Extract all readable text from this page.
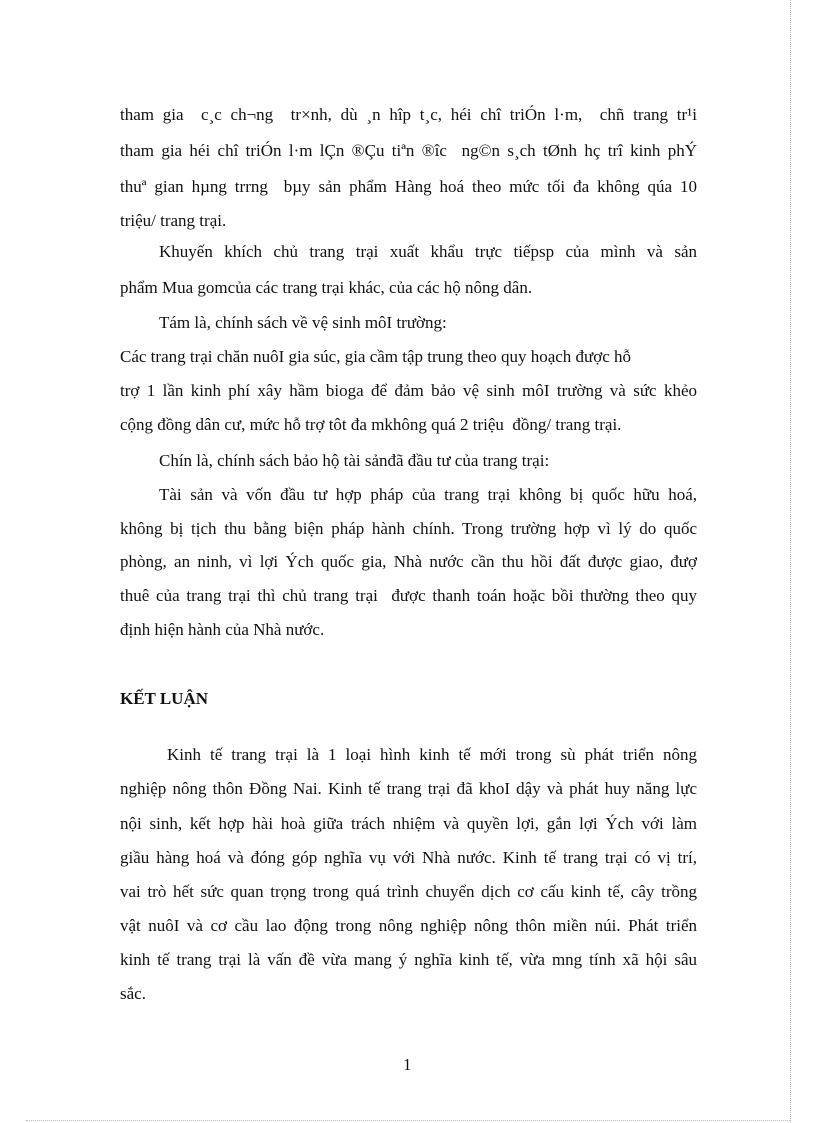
tham gia  c¸c ch¬ng  tr×nh, dù ¸n hîp t¸c, héi chî triÓn l·m,  chñ trang tr¹i
tham gia héi chî triÓn l·m lÇn ®Çu tiªn ®îc  ng©n s¸ch tØnh hç trî kinh phÝ
thuª gian hµng trrng  bµy sản phẩm Hàng hoá theo mức tối đa không qúa 10
triệu/ trang trại.
Khuyến khích chủ trang trại xuất khẩu trực tiếpsp của mình và sản
phẩm Mua gomcủa các trang trại khác, của các hộ nông dân.
Tám là, chính sách về vệ sinh môI trường:
Các trang trại chăn nuôI gia súc, gia cầm tập trung theo quy hoạch được hỗ
trợ 1 lần kinh phí xây hầm bioga để đảm bảo vệ sinh môI trường và sức khẻo
cộng đồng dân cư, mức hỗ trợ tôt đa mkhông quá 2 triệu  đồng/ trang trại.
Chín là, chính sách bảo hộ tài sảnđã đầu tư của trang trại:
Tài sản và vốn đầu tư hợp pháp của trang trại không bị quốc hữu hoá,
không bị tịch thu bằng biện pháp hành chính. Trong trường hợp vì lý do quốc
phòng, an ninh, vì lợi Ých quốc gia, Nhà nước cần thu hồi đất được giao, đượ
thuê của trang trại thì chủ trang trại  được thanh toán hoặc bồi thường theo quy
định hiện hành của Nhà nước.
KẾT LUẬN
Kinh tế trang trại là 1 loại hình kinh tế mới trong sù phát triển nông
nghiệp nông thôn Đồng Nai. Kinh tế trang trại đã khoI dậy và phát huy năng lực
nội sinh, kết hợp hài hoà giữa trách nhiệm và quyền lợi, gắn lợi Ých với làm
giầu hàng hoá và đóng góp nghĩa vụ với Nhà nước. Kinh tế trang trại có vị trí,
vai trò hết sức quan trọng trong quá trình chuyển dịch cơ cấu kinh tế, cây trồng
vật nuôI và cơ cầu lao động trong nông nghiệp nông thôn miền núi. Phát triển
kinh tế trang trại là vấn đề vừa mang ý nghĩa kinh tế, vừa mng tính xã hội sâu
sắc.
1
